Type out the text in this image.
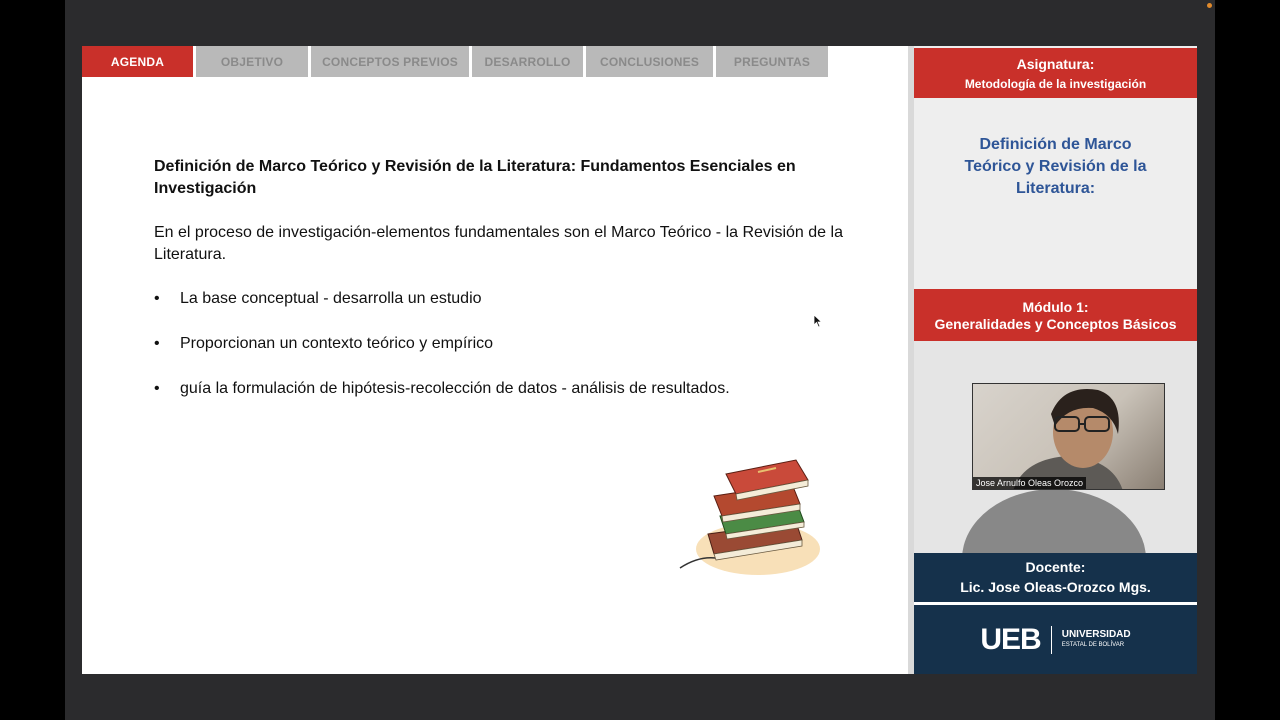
AGENDA	OBJETIVO	CONCEPTOS PREVIOS	DESARROLLO	CONCLUSIONES	PREGUNTAS

Definición de Marco Teórico y Revisión de la Literatura: Fundamentos Esenciales en Investigación

En el proceso de investigación-elementos fundamentales son el Marco Teórico - la Revisión de la Literatura.

• La base conceptual - desarrolla un estudio
• Proporcionan un contexto teórico y empírico
• guía la formulación de hipótesis-recolección de datos - análisis de resultados.
Asignatura:
Metodología de la investigación
Definición de Marco Teórico y Revisión de la Literatura:
Módulo 1:
Generalidades y Conceptos Básicos
Jose Arnulfo Oleas Orozco
Docente:
Lic. Jose Oleas-Orozco Mgs.
UEB UNIVERSIDAD
ESTATAL DE BOLÍVAR
